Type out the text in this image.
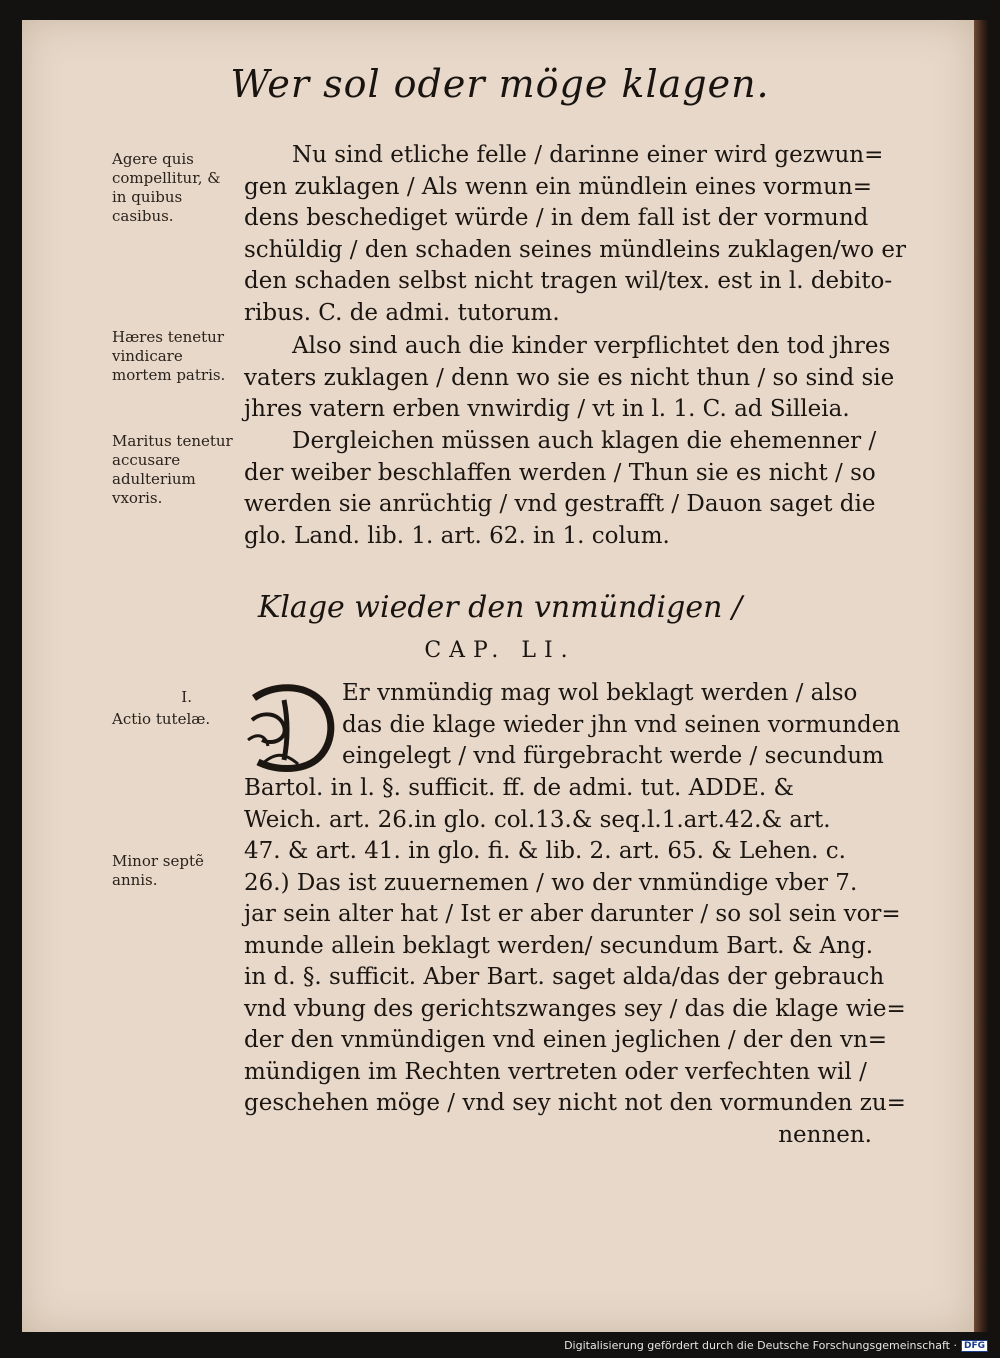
Wer sol oder möge klagen.
Agere quis compellitur, & in quibus casibus.
Hæres tenetur vindicare mortem patris.
Maritus tenetur accusare adulterium vxoris.
I.
Actio tutelæ.
Minor septẽ annis.
Nu sind etliche felle / darinne einer wird gezwun=
gen zuklagen / Als wenn ein mündlein eines vormun=
dens beschediget würde / in dem fall ist der vormund
schüldig / den schaden seines mündleins zuklagen/wo er
den schaden selbst nicht tragen wil/tex. est in l. debito-
ribus. C. de admi. tutorum.
Also sind auch die kinder verpflichtet den tod jhres
vaters zuklagen / denn wo sie es nicht thun / so sind sie
jhres vatern erben vnwirdig / vt in l. 1. C. ad Silleia.
Dergleichen müssen auch klagen die ehemenner /
der weiber beschlaffen werden / Thun sie es nicht / so
werden sie anrüchtig / vnd gestrafft / Dauon saget die
glo. Land. lib. 1. art. 62. in 1. colum.
Klage wieder den vnmündigen /
CAP. LI.
Er vnmündig mag wol beklagt werden / also
das die klage wieder jhn vnd seinen vormunden
eingelegt / vnd fürgebracht werde / secundum
Bartol. in l. §. sufficit. ff. de admi. tut. ADDE. &
Weich. art. 26.in glo. col.13.& seq.l.1.art.42.& art.
47. & art. 41. in glo. fi. & lib. 2. art. 65. & Lehen. c.
26.) Das ist zuuernemen / wo der vnmündige vber 7.
jar sein alter hat / Ist er aber darunter / so sol sein vor=
munde allein beklagt werden/ secundum Bart. & Ang.
in d. §. sufficit. Aber Bart. saget alda/das der gebrauch
vnd vbung des gerichtszwanges sey / das die klage wie=
der den vnmündigen vnd einen jeglichen / der den vn=
mündigen im Rechten vertreten oder verfechten wil /
geschehen möge / vnd sey nicht not den vormunden zu=
nennen.
Digitalisierung gefördert durch die Deutsche Forschungsgemeinschaft · DFG
